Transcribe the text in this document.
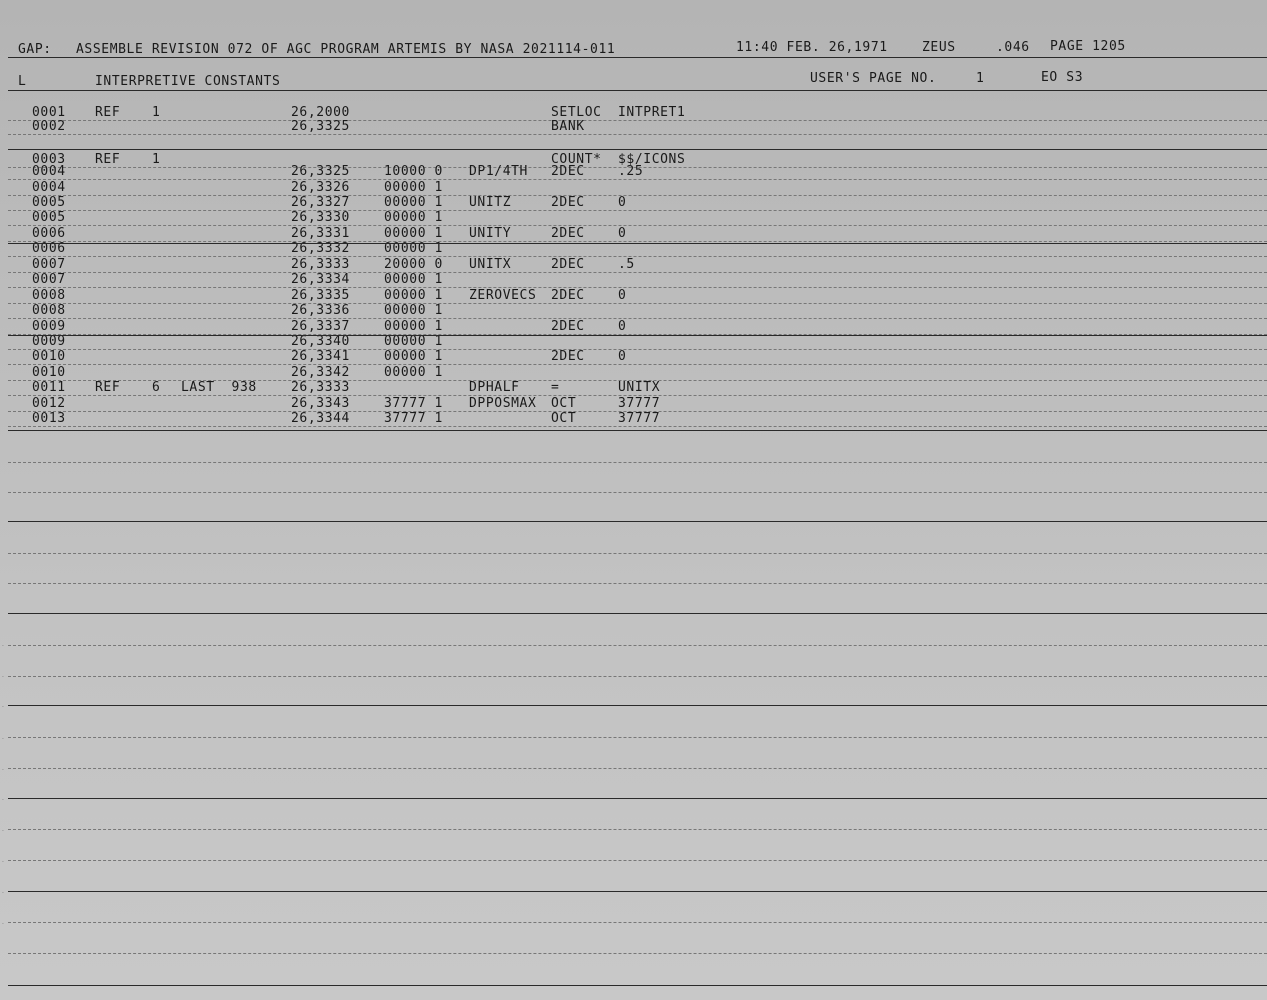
GAP: ASSEMBLE REVISION 072 OF AGC PROGRAM ARTEMIS BY NASA 2021114-011	11:40 FEB. 26,1971	ZEUS	.046 PAGE 1205
L	INTERPRETIVE CONSTANTS	USER'S PAGE NO.	1	EO S3
0001 REF 1	26,2000	SETLOC INTPRET1
0002	26,3325	BANK
0003 REF 1	COUNT* $$/ICONS
0004	26,3325	10000 0 DP1/4TH 2DEC	.25
0004	26,3326	00000 1
0005	26,3327	00000 1 UNITZ	2DEC	0
0005	26,3330	00000 1
0006	26,3331	00000 1 UNITY	2DEC	0
0006	26,3332	00000 1
0007	26,3333	20000 0 UNITX	2DEC	.5
0007	26,3334	00000 1
0008	26,3335	00000 1 ZEROVECS 2DEC	0
0008	26,3336	00000 1
0009	26,3337	00000 1	2DEC	0
0009	26,3340	00000 1
0010	26,3341	00000 1	2DEC	0
0010	26,3342	00000 1
0011 REF 6 LAST  938	26,3333	DPHALF =	UNITX
0012	26,3343	37777 1 DPPOSMAX OCT	37777
0013	26,3344	37777 1	OCT	37777
·
·
·
·
·
·
·
·
·
·
